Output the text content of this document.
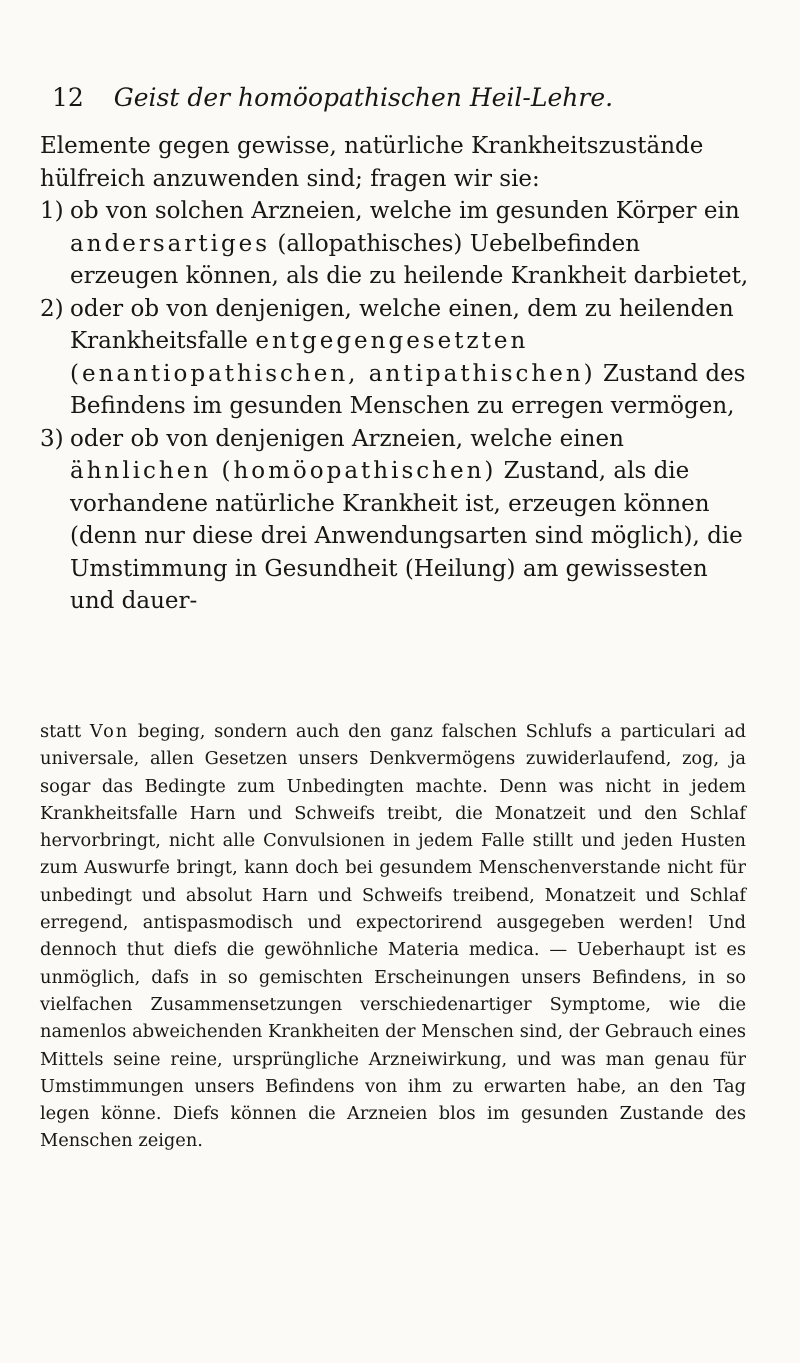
12 Geist der homöopathischen Heil-Lehre.

Elemente gegen gewisse, natürliche Krankheitszustände hülfreich anzuwenden sind; fragen wir sie:

1) ob von solchen Arzneien, welche im gesunden Körper ein andersartiges (allopathisches) Uebelbefinden erzeugen können, als die zu heilende Krankheit darbietet,

2) oder ob von denjenigen, welche einen, dem zu heilenden Krankheitsfalle entgegengesetzten (enantiopathischen, antipathischen) Zustand des Befindens im gesunden Menschen zu erregen vermögen,

3) oder ob von denjenigen Arzneien, welche einen ähnlichen (homöopathischen) Zustand, als die vorhandene natürliche Krankheit ist, erzeugen können (denn nur diese drei Anwendungsarten sind möglich), die Umstimmung in Gesundheit (Heilung) am gewissesten und dauer-

statt Von beging, sondern auch den ganz falschen Schlufs a particulari ad universale, allen Gesetzen unsers Denkvermögens zuwiderlaufend, zog, ja sogar das Bedingte zum Unbedingten machte. Denn was nicht in jedem Krankheitsfalle Harn und Schweifs treibt, die Monatzeit und den Schlaf hervorbringt, nicht alle Convulsionen in jedem Falle stillt und jeden Husten zum Auswurfe bringt, kann doch bei gesundem Menschenverstande nicht für unbedingt und absolut Harn und Schweifs treibend, Monatzeit und Schlaf erregend, antispasmodisch und expectorirend ausgegeben werden! Und dennoch thut diefs die gewöhnliche Materia medica. — Ueberhaupt ist es unmöglich, dafs in so gemischten Erscheinungen unsers Befindens, in so vielfachen Zusammensetzungen verschiedenartiger Symptome, wie die namenlos abweichenden Krankheiten der Menschen sind, der Gebrauch eines Mittels seine reine, ursprüngliche Arzneiwirkung, und was man genau für Umstimmungen unsers Befindens von ihm zu erwarten habe, an den Tag legen könne. Diefs können die Arzneien blos im gesunden Zustande des Menschen zeigen.
